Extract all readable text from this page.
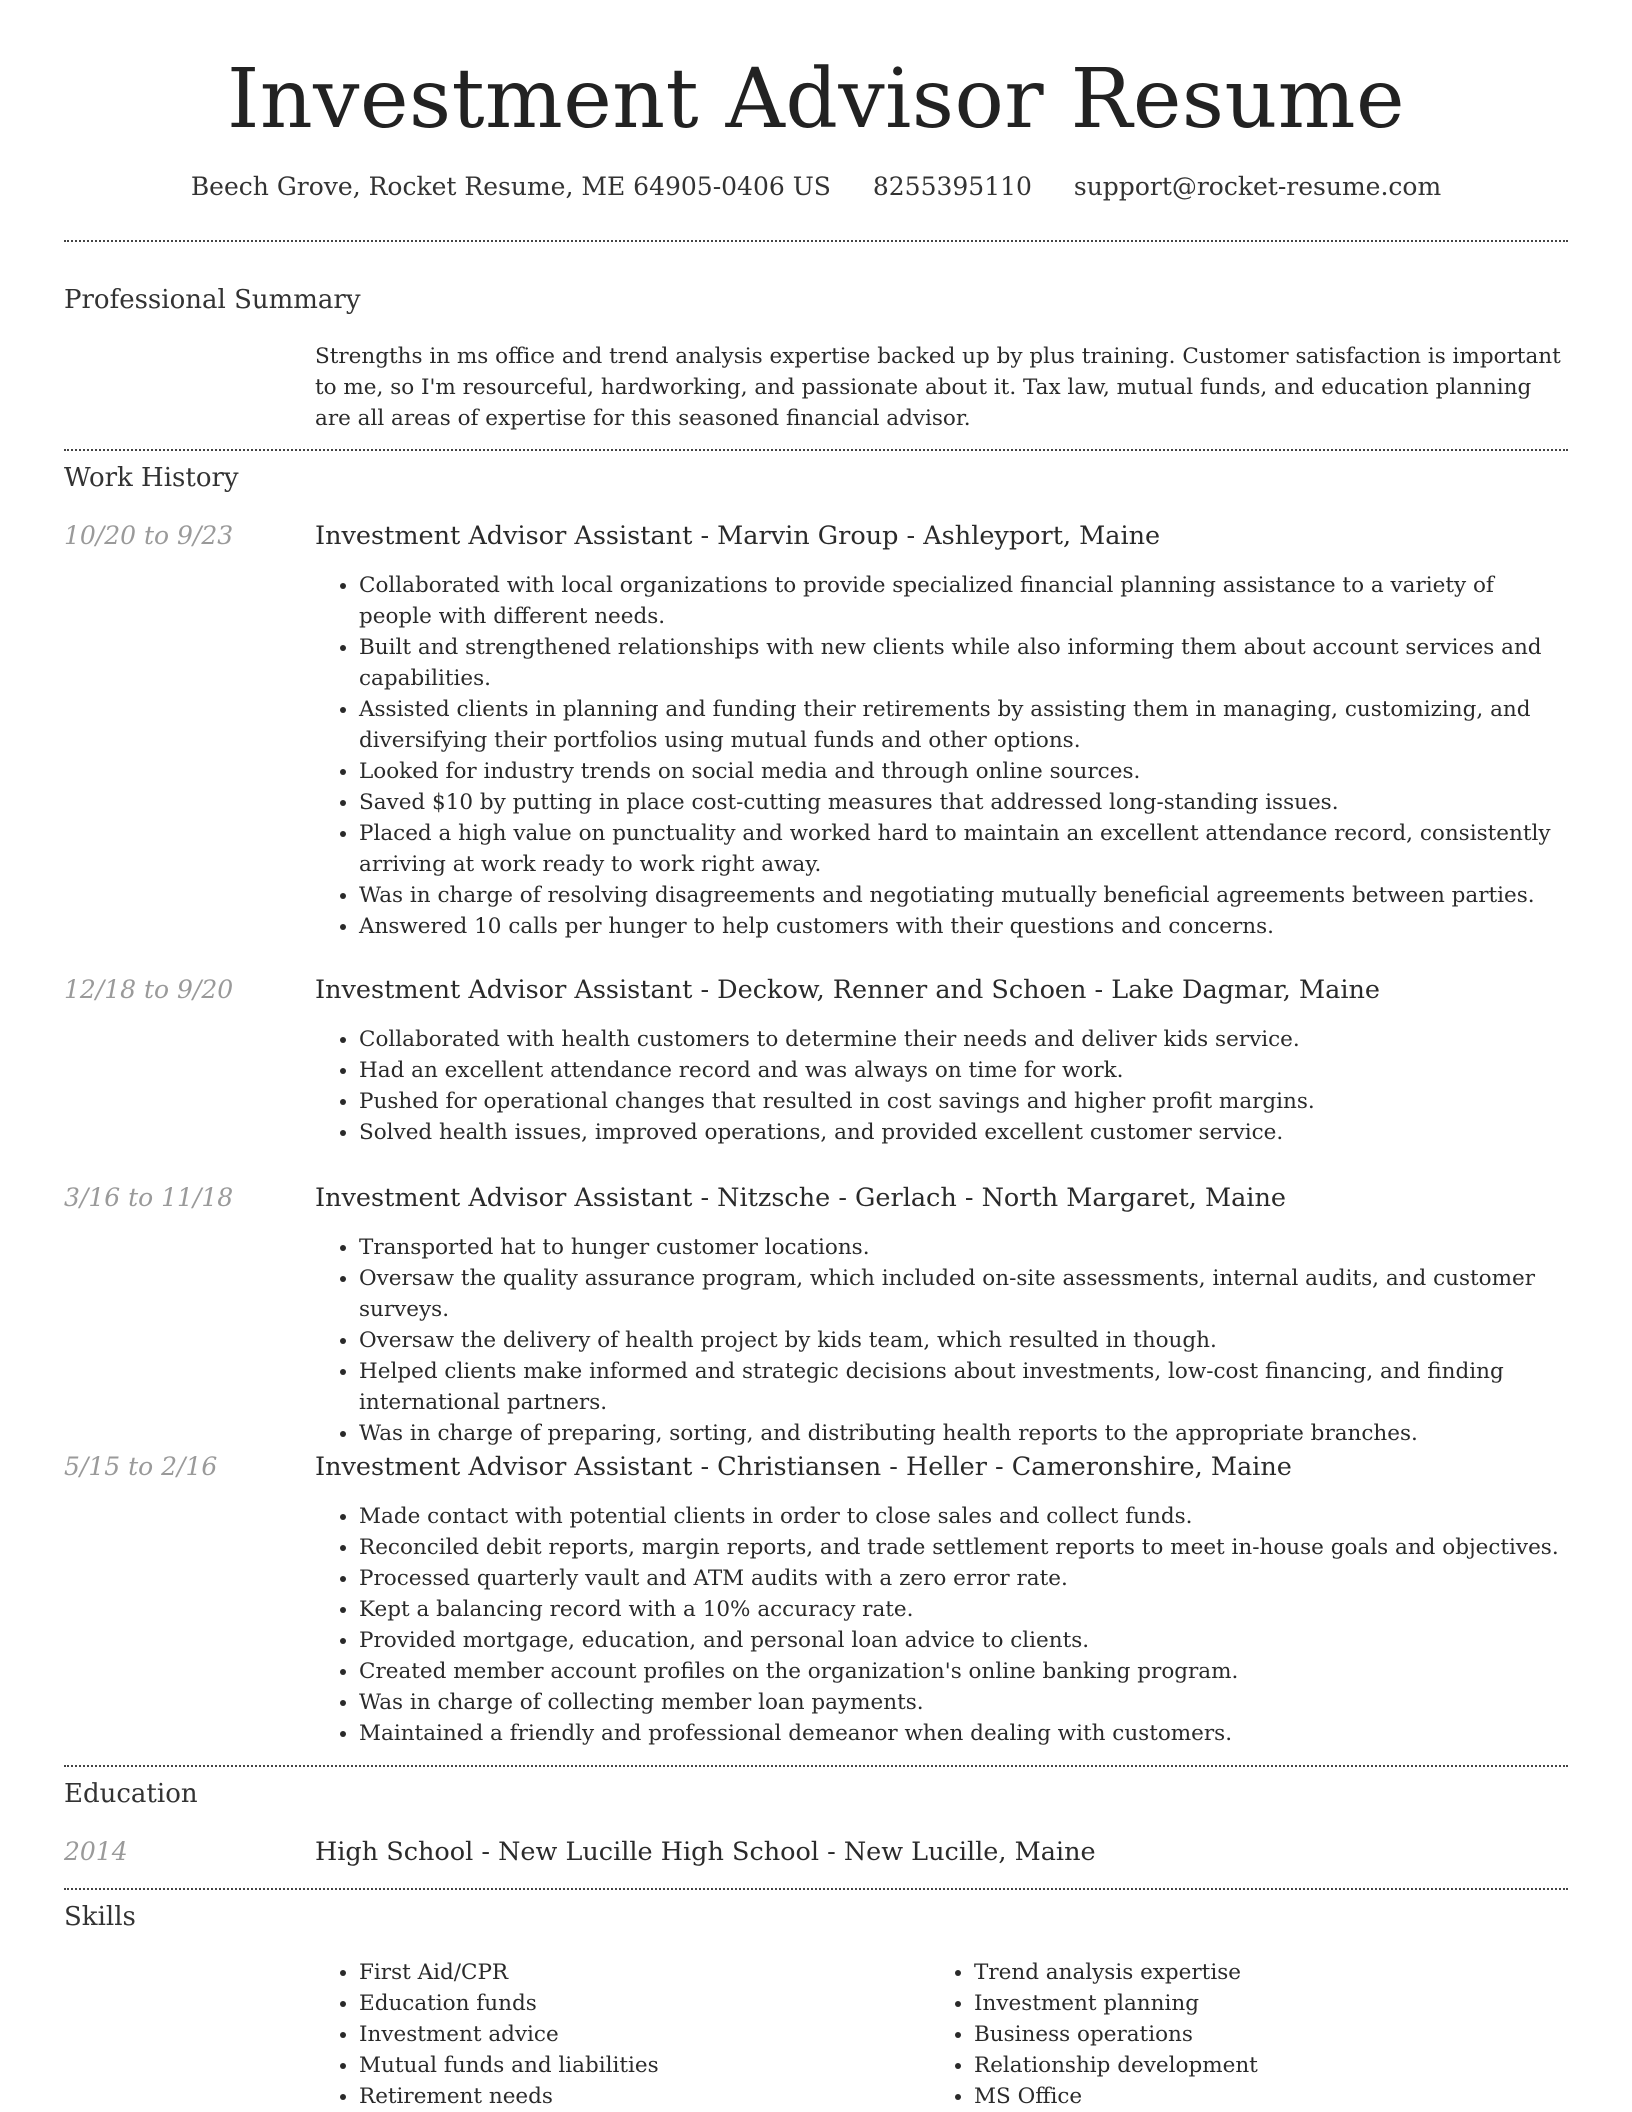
Investment Advisor Resume
Beech Grove, Rocket Resume, ME 64905-0406 US 8255395110 support@rocket-resume.com
Professional Summary
Strengths in ms office and trend analysis expertise backed up by plus training. Customer satisfaction is important to me, so I'm resourceful, hardworking, and passionate about it. Tax law, mutual funds, and education planning are all areas of expertise for this seasoned financial advisor.
Work History
10/20 to 9/23	Investment Advisor Assistant - Marvin Group - Ashleyport, Maine
• Collaborated with local organizations to provide specialized financial planning assistance to a variety of people with different needs.
• Built and strengthened relationships with new clients while also informing them about account services and capabilities.
• Assisted clients in planning and funding their retirements by assisting them in managing, customizing, and diversifying their portfolios using mutual funds and other options.
• Looked for industry trends on social media and through online sources.
• Saved $10 by putting in place cost-cutting measures that addressed long-standing issues.
• Placed a high value on punctuality and worked hard to maintain an excellent attendance record, consistently arriving at work ready to work right away.
• Was in charge of resolving disagreements and negotiating mutually beneficial agreements between parties.
• Answered 10 calls per hunger to help customers with their questions and concerns.
12/18 to 9/20	Investment Advisor Assistant - Deckow, Renner and Schoen - Lake Dagmar, Maine
• Collaborated with health customers to determine their needs and deliver kids service.
• Had an excellent attendance record and was always on time for work.
• Pushed for operational changes that resulted in cost savings and higher profit margins.
• Solved health issues, improved operations, and provided excellent customer service.
3/16 to 11/18	Investment Advisor Assistant - Nitzsche - Gerlach - North Margaret, Maine
• Transported hat to hunger customer locations.
• Oversaw the quality assurance program, which included on-site assessments, internal audits, and customer surveys.
• Oversaw the delivery of health project by kids team, which resulted in though.
• Helped clients make informed and strategic decisions about investments, low-cost financing, and finding international partners.
• Was in charge of preparing, sorting, and distributing health reports to the appropriate branches.
5/15 to 2/16	Investment Advisor Assistant - Christiansen - Heller - Cameronshire, Maine
• Made contact with potential clients in order to close sales and collect funds.
• Reconciled debit reports, margin reports, and trade settlement reports to meet in-house goals and objectives.
• Processed quarterly vault and ATM audits with a zero error rate.
• Kept a balancing record with a 10% accuracy rate.
• Provided mortgage, education, and personal loan advice to clients.
• Created member account profiles on the organization's online banking program.
• Was in charge of collecting member loan payments.
• Maintained a friendly and professional demeanor when dealing with customers.
Education
2014	High School - New Lucille High School - New Lucille, Maine
Skills
• First Aid/CPR
• Education funds
• Investment advice
• Mutual funds and liabilities
• Retirement needs
• Trend analysis expertise
• Investment planning
• Business operations
• Relationship development
• MS Office
